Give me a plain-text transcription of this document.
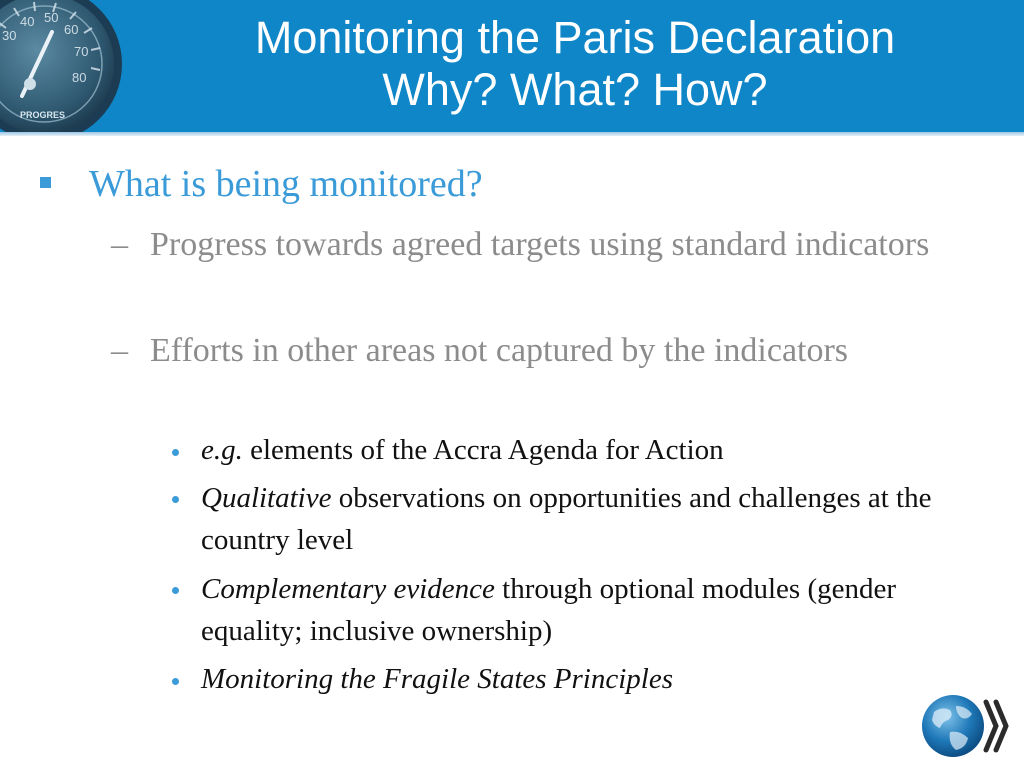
30
40 50
60
70
80
PROGRES
Monitoring the Paris Declaration
Why? What? How?
What is being monitored?
– Progress towards agreed targets using standard indicators
– Efforts in other areas not captured by the indicators
e.g. elements of the Accra Agenda for Action
Qualitative observations on opportunities and challenges at the country level
Complementary evidence through optional modules (gender equality; inclusive ownership)
Monitoring the Fragile States Principles
